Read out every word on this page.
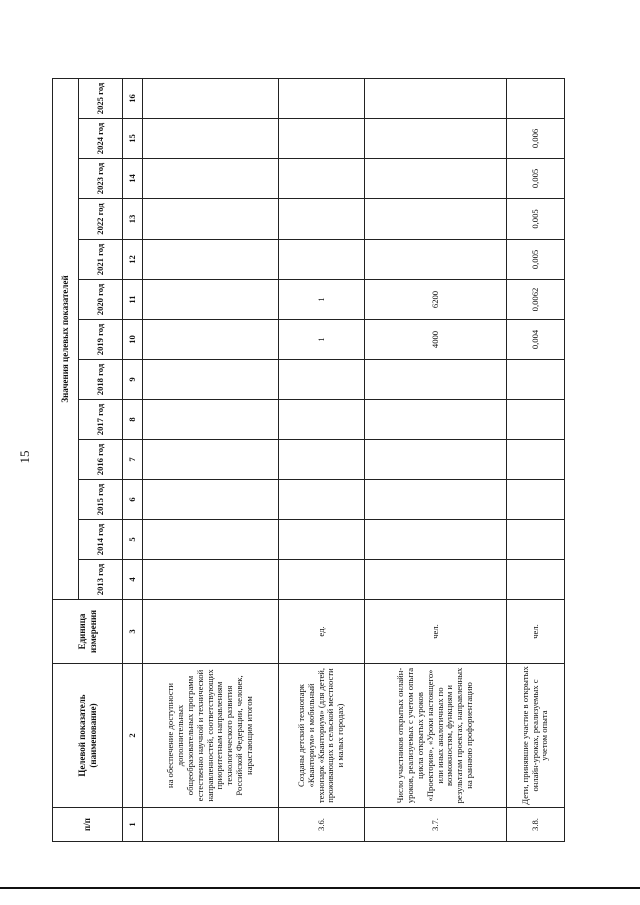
15
п/п	Целевой показатель (наименование)	Единица измерения	Значения целевых показателей												
			2013 год	2014 год	2015 год	2016 год	2017 год	2018 год	2019 год	2020 год	2021 год	2022 год	2023 год	2024 год	2025 год
1	2	3	4	5	6	7	8	9	10	11	12	13	14	15	16
	на обеспечение доступности дополнительных общеобразовательных программ естественно научной и технической направленностей, соответствующих приоритетным направлениям технологического развития Российской Федерации, человек, нарастающим итогом														
3.6.	Созданы детский технопарк «Кванториум» и мобильный технопарк «Кванториум» (для детей, проживающих в сельской местности и малых городах)	ед.							1	1					
3.7.	Число участников открытых онлайн-уроков, реализуемых с учетом опыта цикла открытых уроков «Проектория», «Уроки настоящего» или иных аналогичных по возможностям, функциям и результатам проектах, направленных на раннюю профориентацию	чел.							4000	6200					
3.8.	Дети, принявшие участие в открытых онлайн-уроках, реализуемых с учетом опыта	чел.							0,004	0,0062	0,005	0,005	0,005	0,006	
